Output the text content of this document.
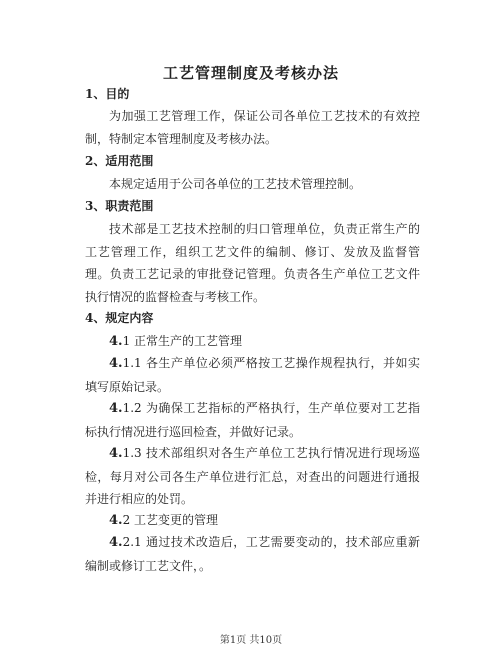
工艺管理制度及考核办法
1、目的
为加强工艺管理工作，保证公司各单位工艺技术的有效控制，特制定本管理制度及考核办法。
2、适用范围
本规定适用于公司各单位的工艺技术管理控制。
3、职责范围
技术部是工艺技术控制的归口管理单位，负责正常生产的工艺管理工作，组织工艺文件的编制、修订、发放及监督管理。负责工艺记录的审批登记管理。负责各生产单位工艺文件执行情况的监督检查与考核工作。
4、规定内容
4.1 正常生产的工艺管理
4.1.1 各生产单位必须严格按工艺操作规程执行，并如实填写原始记录。
4.1.2 为确保工艺指标的严格执行，生产单位要对工艺指标执行情况进行巡回检查，并做好记录。
4.1.3 技术部组织对各生产单位工艺执行情况进行现场巡检，每月对公司各生产单位进行汇总，对查出的问题进行通报并进行相应的处罚。
4.2 工艺变更的管理
4.2.1 通过技术改造后，工艺需要变动的，技术部应重新编制或修订工艺文件，。
第1页 共10页
